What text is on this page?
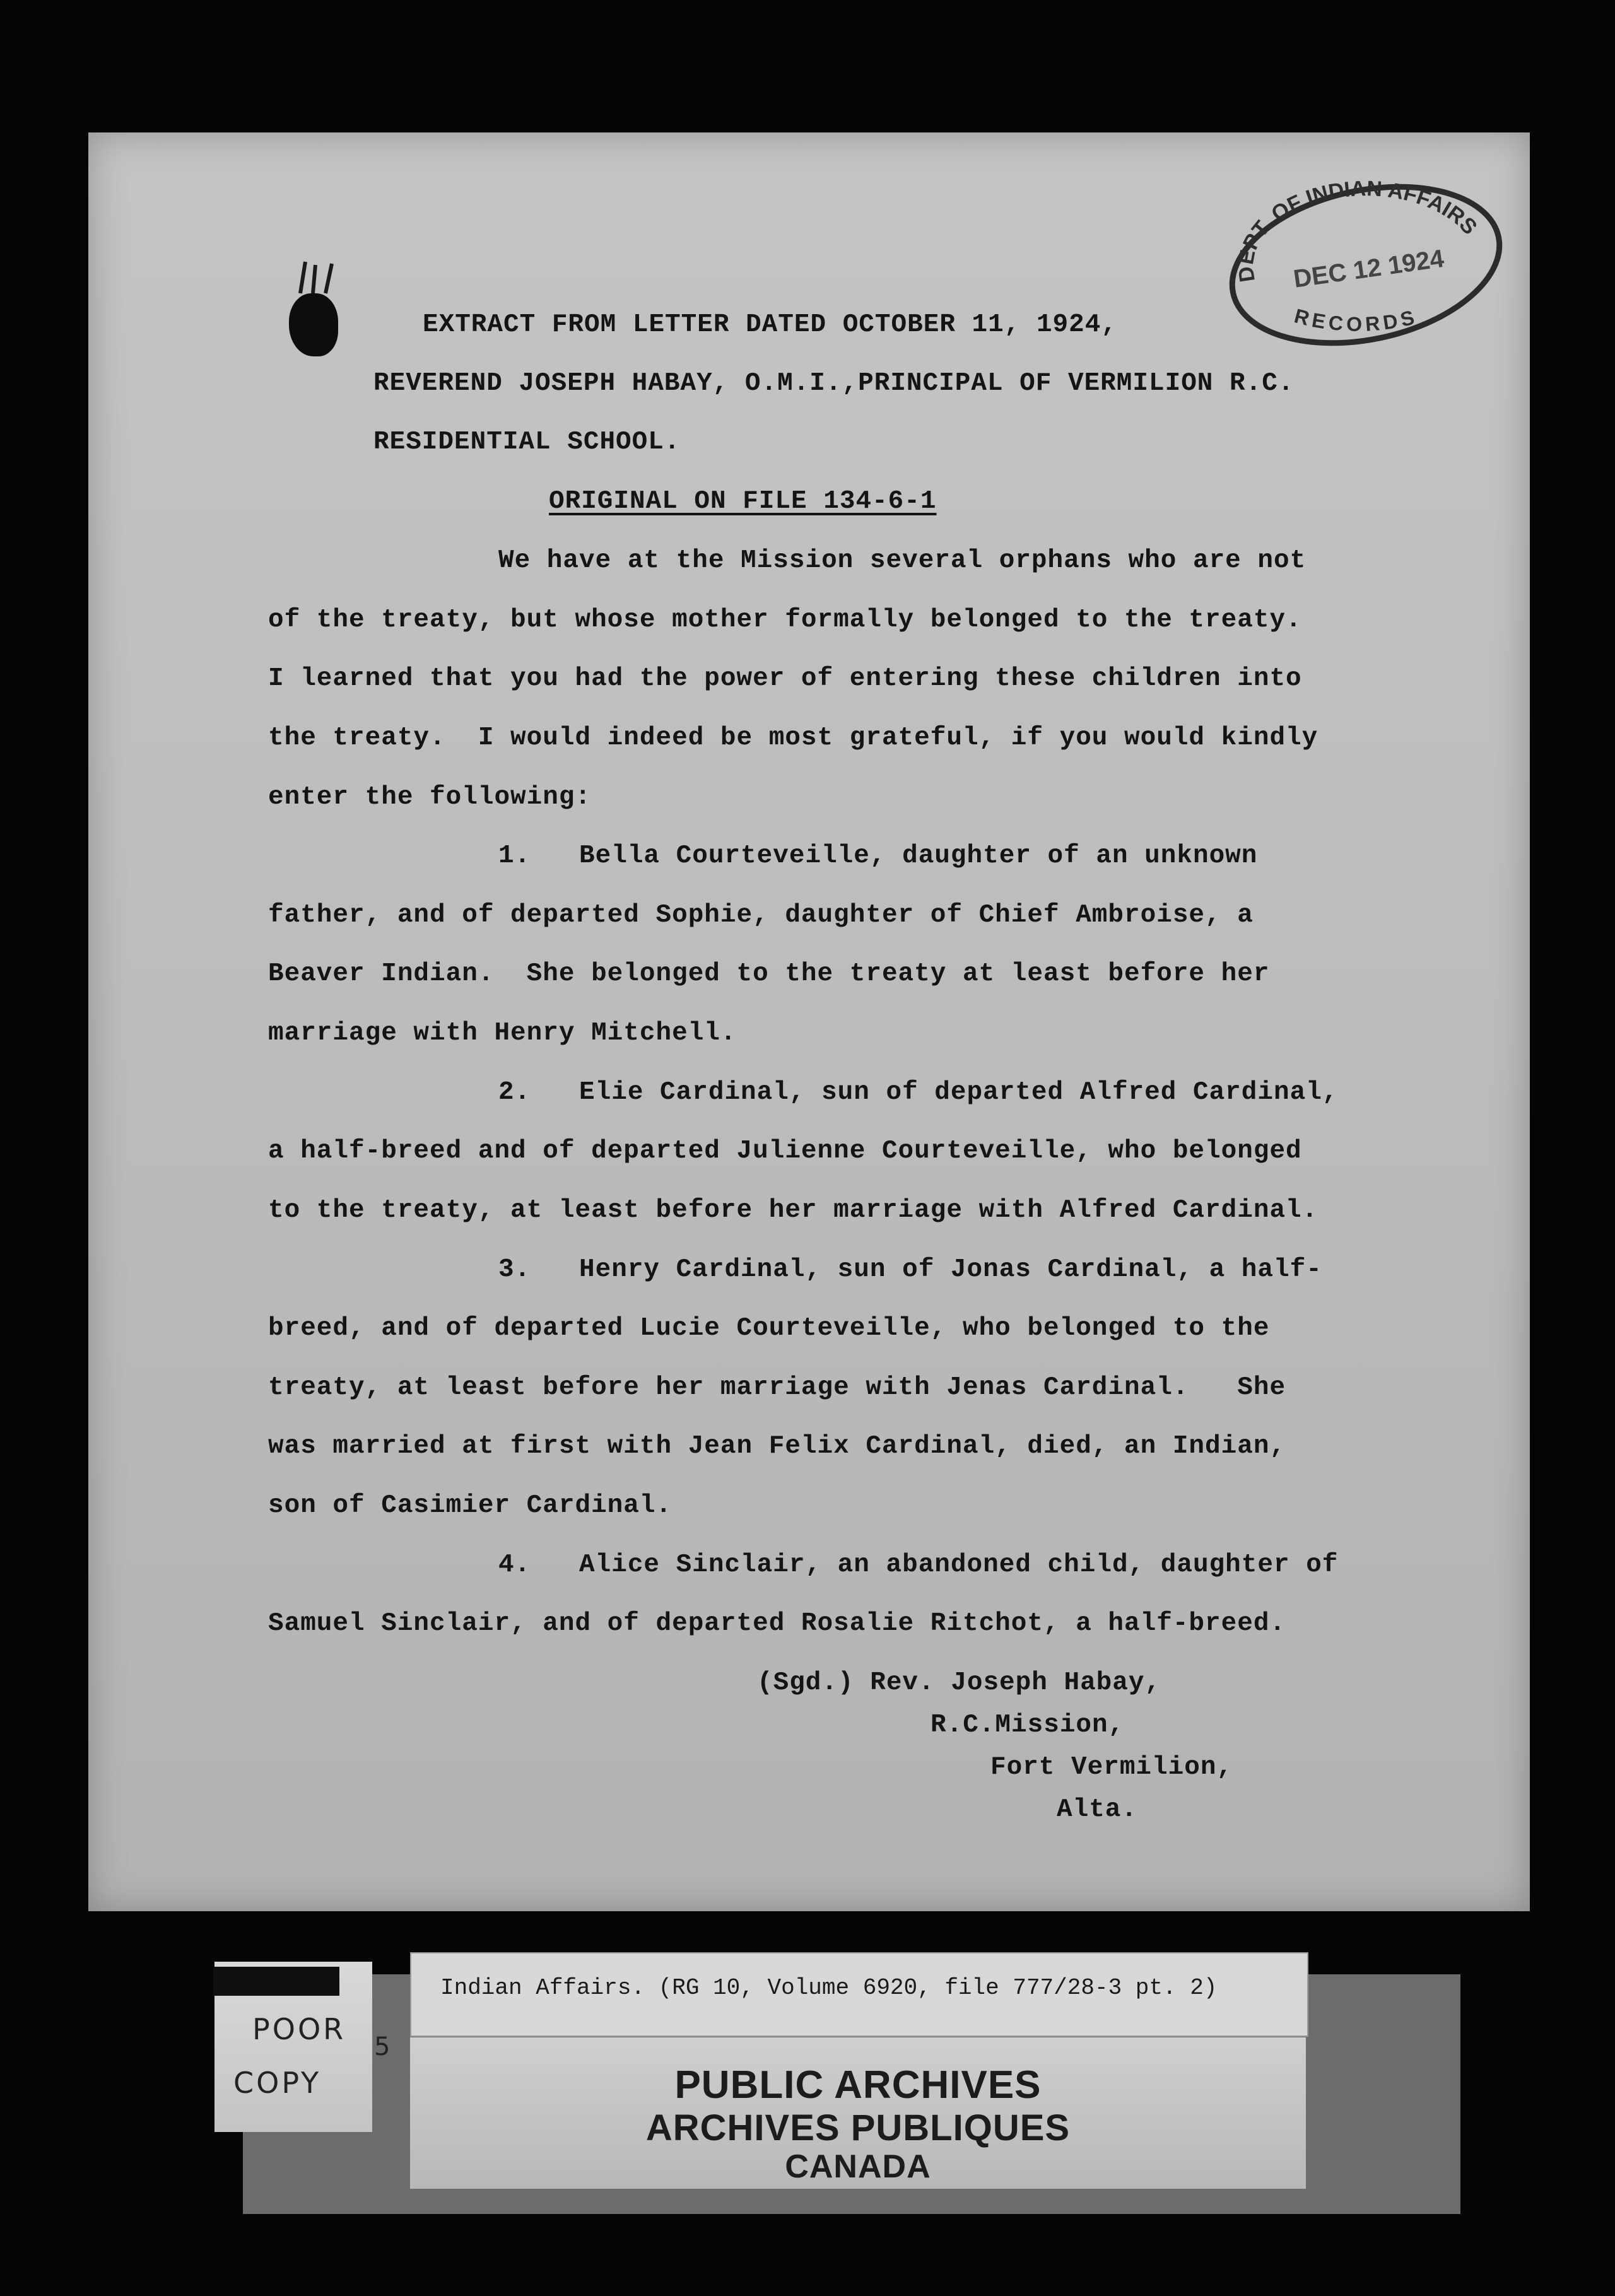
DEPT. OF INDIAN AFFAIRS
DEC 12 1924
RECORDS
EXTRACT FROM LETTER DATED OCTOBER 11, 1924,
REVEREND JOSEPH HABAY, O.M.I.,PRINCIPAL OF VERMILION R.C.
RESIDENTIAL SCHOOL.
ORIGINAL ON FILE 134-6-1
We have at the Mission several orphans who are not
of the treaty, but whose mother formally belonged to the treaty.
I learned that you had the power of entering these children into
the treaty.  I would indeed be most grateful, if you would kindly
enter the following:
1.   Bella Courteveille, daughter of an unknown
father, and of departed Sophie, daughter of Chief Ambroise, a
Beaver Indian.  She belonged to the treaty at least before her
marriage with Henry Mitchell.
2.   Elie Cardinal, sun of departed Alfred Cardinal,
a half-breed and of departed Julienne Courteveille, who belonged
to the treaty, at least before her marriage with Alfred Cardinal.
3.   Henry Cardinal, sun of Jonas Cardinal, a half-
breed, and of departed Lucie Courteveille, who belonged to the
treaty, at least before her marriage with Jenas Cardinal.   She
was married at first with Jean Felix Cardinal, died, an Indian,
son of Casimier Cardinal.
4.   Alice Sinclair, an abandoned child, daughter of
Samuel Sinclair, and of departed Rosalie Ritchot, a half-breed.
(Sgd.) Rev. Joseph Habay,
R.C.Mission,
Fort Vermilion,
Alta.
PUBLIC ARCHIVES
ARCHIVES PUBLIQUES
CANADA
Indian Affairs. (RG 10, Volume 6920, file 777/28-3 pt. 2)
POOR
COPY
5
